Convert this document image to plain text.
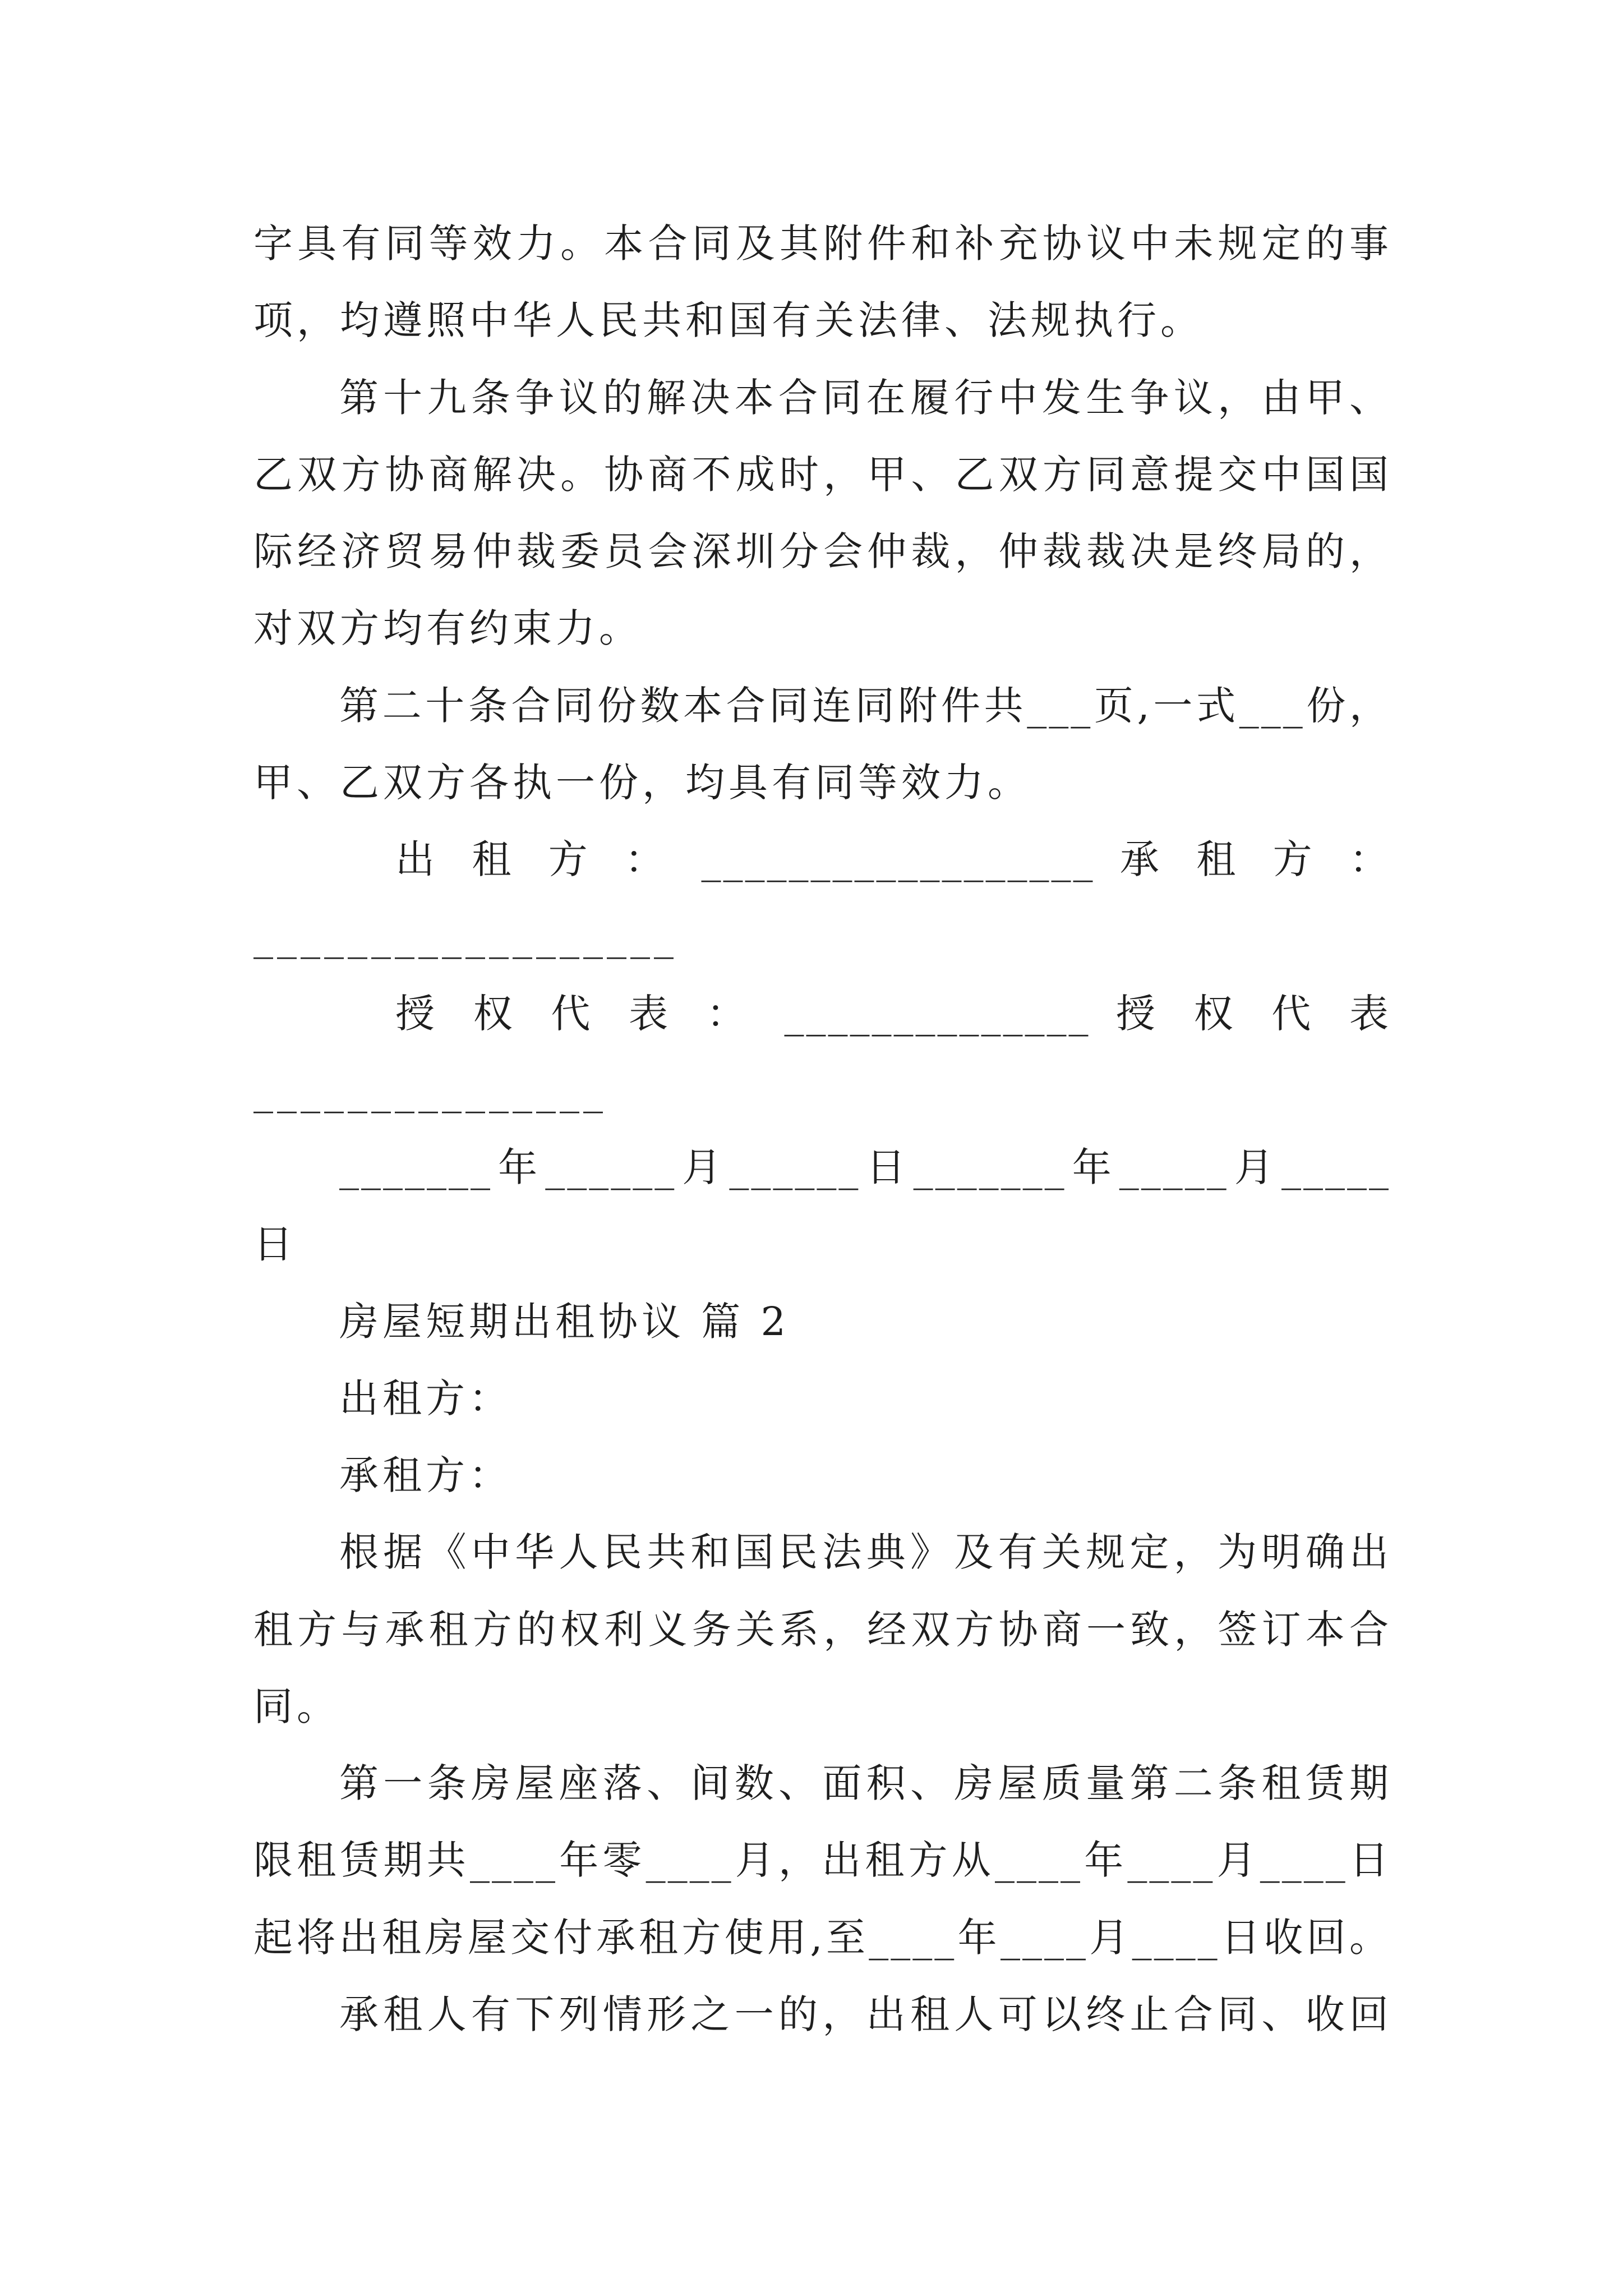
字具有同等效力。本合同及其附件和补充协议中未规定的事
项，均遵照中华人民共和国有关法律、法规执行。
第十九条争议的解决本合同在履行中发生争议，由甲、
乙双方协商解决。协商不成时，甲、乙双方同意提交中国国
际经济贸易仲裁委员会深圳分会仲裁，仲裁裁决是终局的，
对双方均有约束力。
第二十条合同份数本合同连同附件共___页,一式___份，
甲、乙双方各执一份，均具有同等效力。
出 租 方 ： __________________ 承 租 方 ：
__________________
授 权 代 表 ： ______________ 授 权 代 表
_______________
_______年______月______日_______年_____月_____
日
房屋短期出租协议 篇 2
出租方：
承租方：
根据《中华人民共和国民法典》及有关规定，为明确出
租方与承租方的权利义务关系，经双方协商一致，签订本合
同。
第一条房屋座落、间数、面积、房屋质量第二条租赁期
限租赁期共____年零____月，出租方从____年____月____日
起将出租房屋交付承租方使用,至____年____月____日收回。
承租人有下列情形之一的，出租人可以终止合同、收回
